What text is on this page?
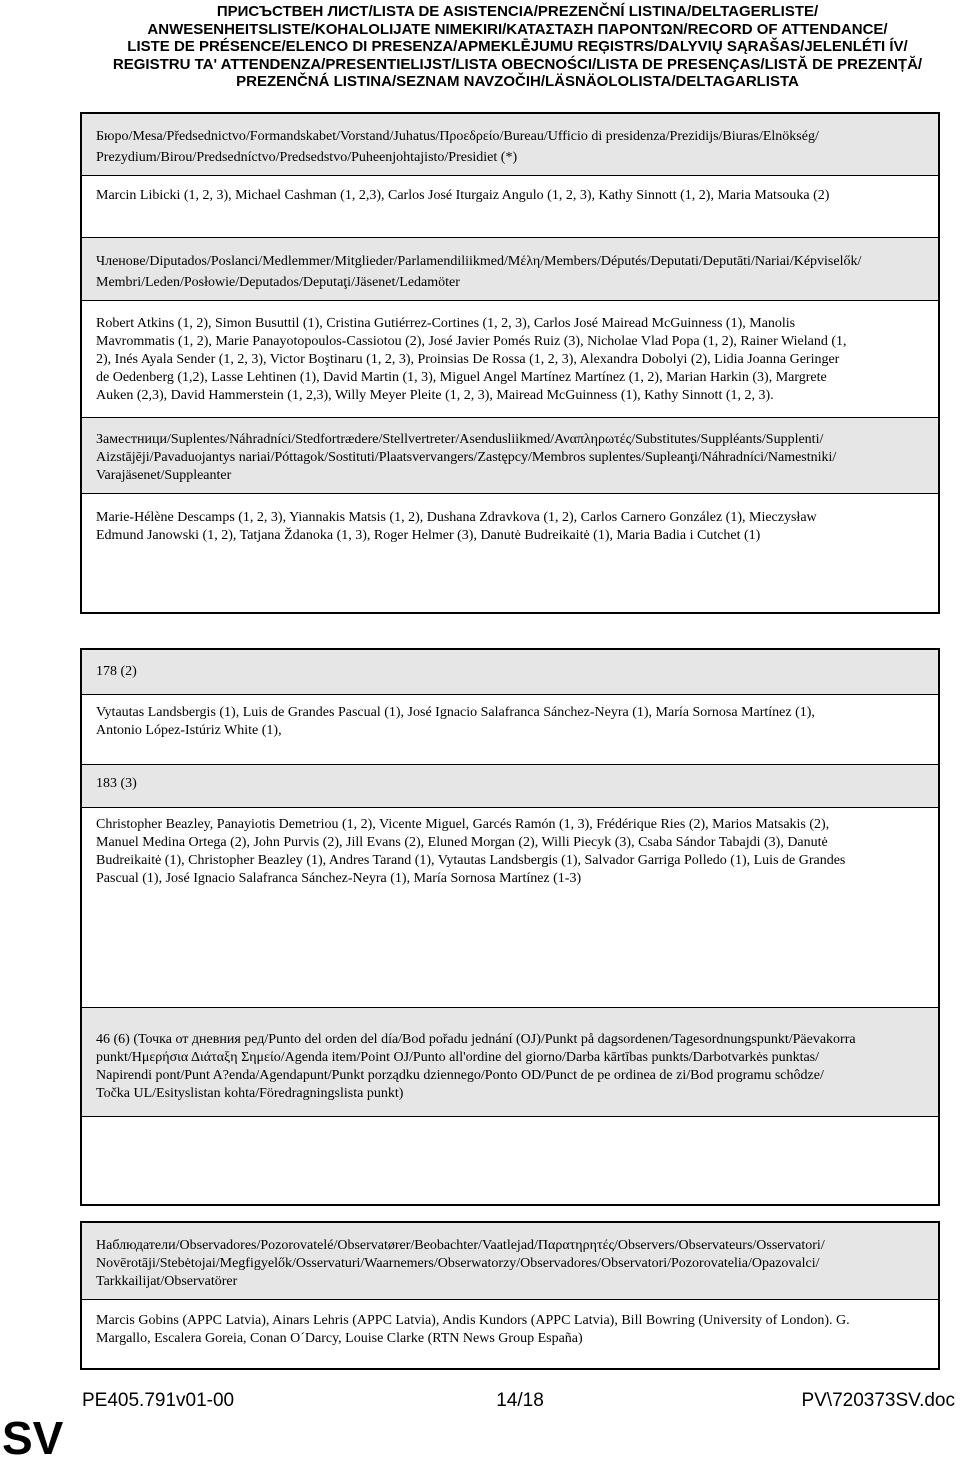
ПРИСЪСТВЕН ЛИСТ/LISTA DE ASISTENCIA/PREZENČNÍ LISTINA/DELTAGERLISTE/
ANWESENHEITSLISTE/KOHALOLIJATE NIMEKIRI/ΚΑΤΑΣΤΑΣΗ ΠΑΡΟΝΤΩΝ/RECORD OF ATTENDANCE/
LISTE DE PRÉSENCE/ELENCO DI PRESENZA/APMEKLĒJUMU REĢISTRS/DALYVIŲ SĄRAŠAS/JELENLÉTI ÍV/
REGISTRU TA' ATTENDENZA/PRESENTIELIJST/LISTA OBECNOŚCI/LISTA DE PRESENÇAS/LISTĂ DE PREZENȚĂ/
PREZENČNÁ LISTINA/SEZNAM NAVZOČIH/LÄSNÄOLOLISTA/DELTAGARLISTA
Бюро/Mesa/Předsednictvo/Formandskabet/Vorstand/Juhatus/Προεδρείο/Bureau/Ufficio di presidenza/Prezidijs/Biuras/Elnökség/
Prezydium/Birou/Predsedníctvo/Predsedstvo/Puheenjohtajisto/Presidiet (*)
Marcin Libicki (1, 2, 3), Michael Cashman (1, 2,3), Carlos José Iturgaiz Angulo (1, 2, 3), Kathy Sinnott (1, 2), Maria Matsouka (2)
Членове/Diputados/Poslanci/Medlemmer/Mitglieder/Parlamendiliikmed/Μέλη/Members/Députés/Deputati/Deputāti/Nariai/Képviselők/
Membri/Leden/Posłowie/Deputados/Deputaţi/Jäsenet/Ledamöter
Robert Atkins (1, 2), Simon Busuttil (1), Cristina Gutiérrez-Cortines (1, 2, 3), Carlos José Mairead McGuinness (1), Manolis
Mavrommatis (1, 2), Marie Panayotopoulos-Cassiotou (2), José Javier Pomés Ruiz (3), Nicholae Vlad Popa (1, 2), Rainer Wieland (1,
2), Inés Ayala Sender (1, 2, 3), Victor Boştinaru (1, 2, 3), Proinsias De Rossa (1, 2, 3), Alexandra Dobolyi (2), Lidia Joanna Geringer
de Oedenberg (1,2), Lasse Lehtinen (1), David Martin (1, 3), Miguel Angel Martínez Martínez (1, 2), Marian Harkin (3), Margrete
Auken (2,3), David Hammerstein (1, 2,3), Willy Meyer Pleite (1, 2, 3), Mairead McGuinness (1), Kathy Sinnott (1, 2, 3).
Заместници/Suplentes/Náhradníci/Stedfortrædere/Stellvertreter/Asendusliikmed/Αναπληρωτές/Substitutes/Suppléants/Supplenti/
Aizstājēji/Pavaduojantys nariai/Póttagok/Sostituti/Plaatsvervangers/Zastępcy/Membros suplentes/Supleanţi/Náhradníci/Namestniki/
Varajäsenet/Suppleanter
Marie-Hélène Descamps (1, 2, 3), Yiannakis Matsis (1, 2), Dushana Zdravkova (1, 2), Carlos Carnero González (1), Mieczysław
Edmund Janowski (1, 2), Tatjana Ždanoka (1, 3), Roger Helmer (3), Danutė Budreikaitė (1), Maria Badia i Cutchet (1)
178 (2)
Vytautas Landsbergis (1), Luis de Grandes Pascual (1), José Ignacio Salafranca Sánchez-Neyra (1), María Sornosa Martínez (1),
Antonio López-Istúriz White (1),
183 (3)
Christopher Beazley, Panayiotis Demetriou (1, 2), Vicente Miguel, Garcés Ramón (1, 3), Frédérique Ries (2), Marios Matsakis (2),
Manuel Medina Ortega (2), John Purvis (2), Jill Evans (2), Eluned Morgan (2), Willi Piecyk (3), Csaba Sándor Tabajdi (3), Danutė
Budreikaitė (1), Christopher Beazley (1), Andres Tarand (1), Vytautas Landsbergis (1), Salvador Garriga Polledo (1), Luis de Grandes
Pascual (1), José Ignacio Salafranca Sánchez-Neyra (1), María Sornosa Martínez (1-3)
46 (6) (Точка от дневния ред/Punto del orden del día/Bod pořadu jednání (OJ)/Punkt på dagsordenen/Tagesordnungspunkt/Päevakorra
punkt/Ημερήσια Διάταξη Σημείο/Agenda item/Point OJ/Punto all'ordine del giorno/Darba kārtības punkts/Darbotvarkės punktas/
Napirendi pont/Punt A?enda/Agendapunt/Punkt porządku dziennego/Ponto OD/Punct de pe ordinea de zi/Bod programu schôdze/
Točka UL/Esityslistan kohta/Föredragningslista punkt)
Наблюдатели/Observadores/Pozorovatelé/Observatører/Beobachter/Vaatlejad/Παρατηρητές/Observers/Observateurs/Osservatori/
Novērotāji/Stebėtojai/Megfigyelők/Osservaturi/Waarnemers/Obserwatorzy/Observadores/Observatori/Pozorovatelia/Opazovalci/
Tarkkailijat/Observatörer
Marcis Gobins (APPC Latvia), Ainars Lehris (APPC Latvia), Andis Kundors (APPC Latvia), Bill Bowring (University of London). G.
Margallo, Escalera Goreia, Conan O´Darcy, Louise Clarke (RTN News Group España)
PE405.791v01-00	14/18	PV\720373SV.doc
SV
